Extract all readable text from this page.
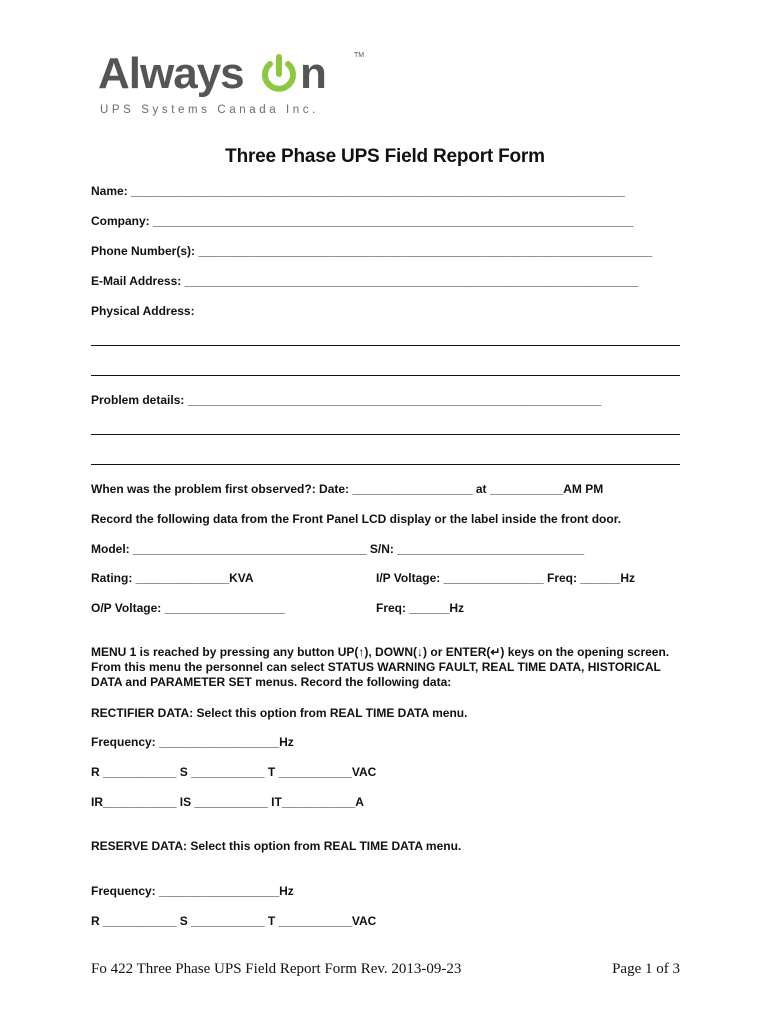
Always n	TM
UPS Systems Canada Inc.
Three Phase UPS Field Report Form
Name: __________________________________________________________________________
Company: ________________________________________________________________________
Phone Number(s): ____________________________________________________________________
E-Mail Address: ____________________________________________________________________
Physical Address:
Problem details: ______________________________________________________________
When was the problem first observed?: Date: __________________ at ___________AM PM
Record the following data from the Front Panel LCD display or the label inside the front door.
Model: ___________________________________ S/N: ____________________________
Rating: ______________KVA	I/P Voltage: _______________ Freq: ______Hz
O/P Voltage: __________________	Freq: ______Hz
MENU 1 is reached by pressing any button UP(↑), DOWN(↓) or ENTER(↵) keys on the opening screen. From this menu the personnel can select STATUS WARNING FAULT, REAL TIME DATA, HISTORICAL DATA and PARAMETER SET menus. Record the following data:
RECTIFIER DATA: Select this option from REAL TIME DATA menu.
Frequency: __________________Hz
R ___________ S ___________ T ___________VAC
IR___________ IS ___________ IT___________A
RESERVE DATA: Select this option from REAL TIME DATA menu.
Frequency: __________________Hz
R ___________ S ___________ T ___________VAC
Fo 422 Three Phase UPS Field Report Form Rev. 2013-09-23	Page 1 of 3
